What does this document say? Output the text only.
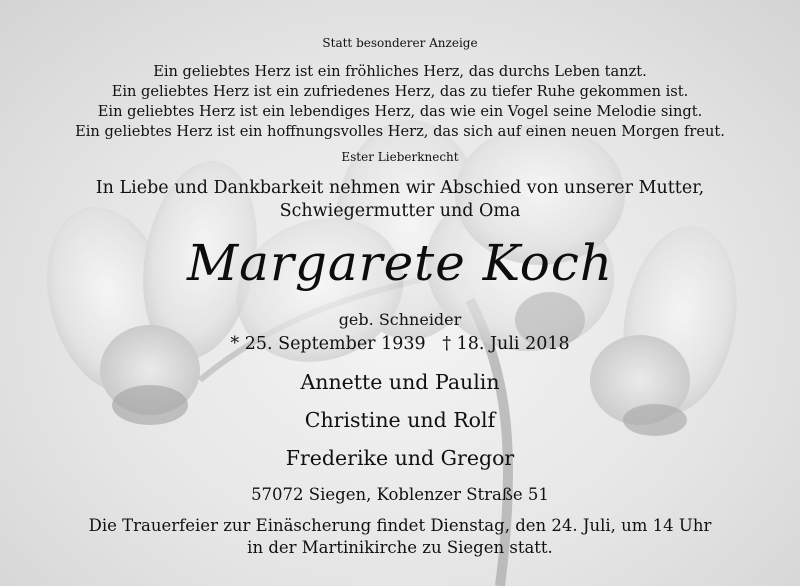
Statt besonderer Anzeige
Ein geliebtes Herz ist ein fröhliches Herz, das durchs Leben tanzt.
Ein geliebtes Herz ist ein zufriedenes Herz, das zu tiefer Ruhe gekommen ist.
Ein geliebtes Herz ist ein lebendiges Herz, das wie ein Vogel seine Melodie singt.
Ein geliebtes Herz ist ein hoffnungsvolles Herz, das sich auf einen neuen Morgen freut.
Ester Lieberknecht
In Liebe und Dankbarkeit nehmen wir Abschied von unserer Mutter,
Schwiegermutter und Oma
Margarete Koch
geb. Schneider
* 25. September 1939   † 18. Juli 2018
Annette und Paulin
Christine und Rolf
Frederike und Gregor
57072 Siegen, Koblenzer Straße 51
Die Trauerfeier zur Einäscherung findet Dienstag, den 24. Juli, um 14 Uhr
in der Martinikirche zu Siegen statt.
